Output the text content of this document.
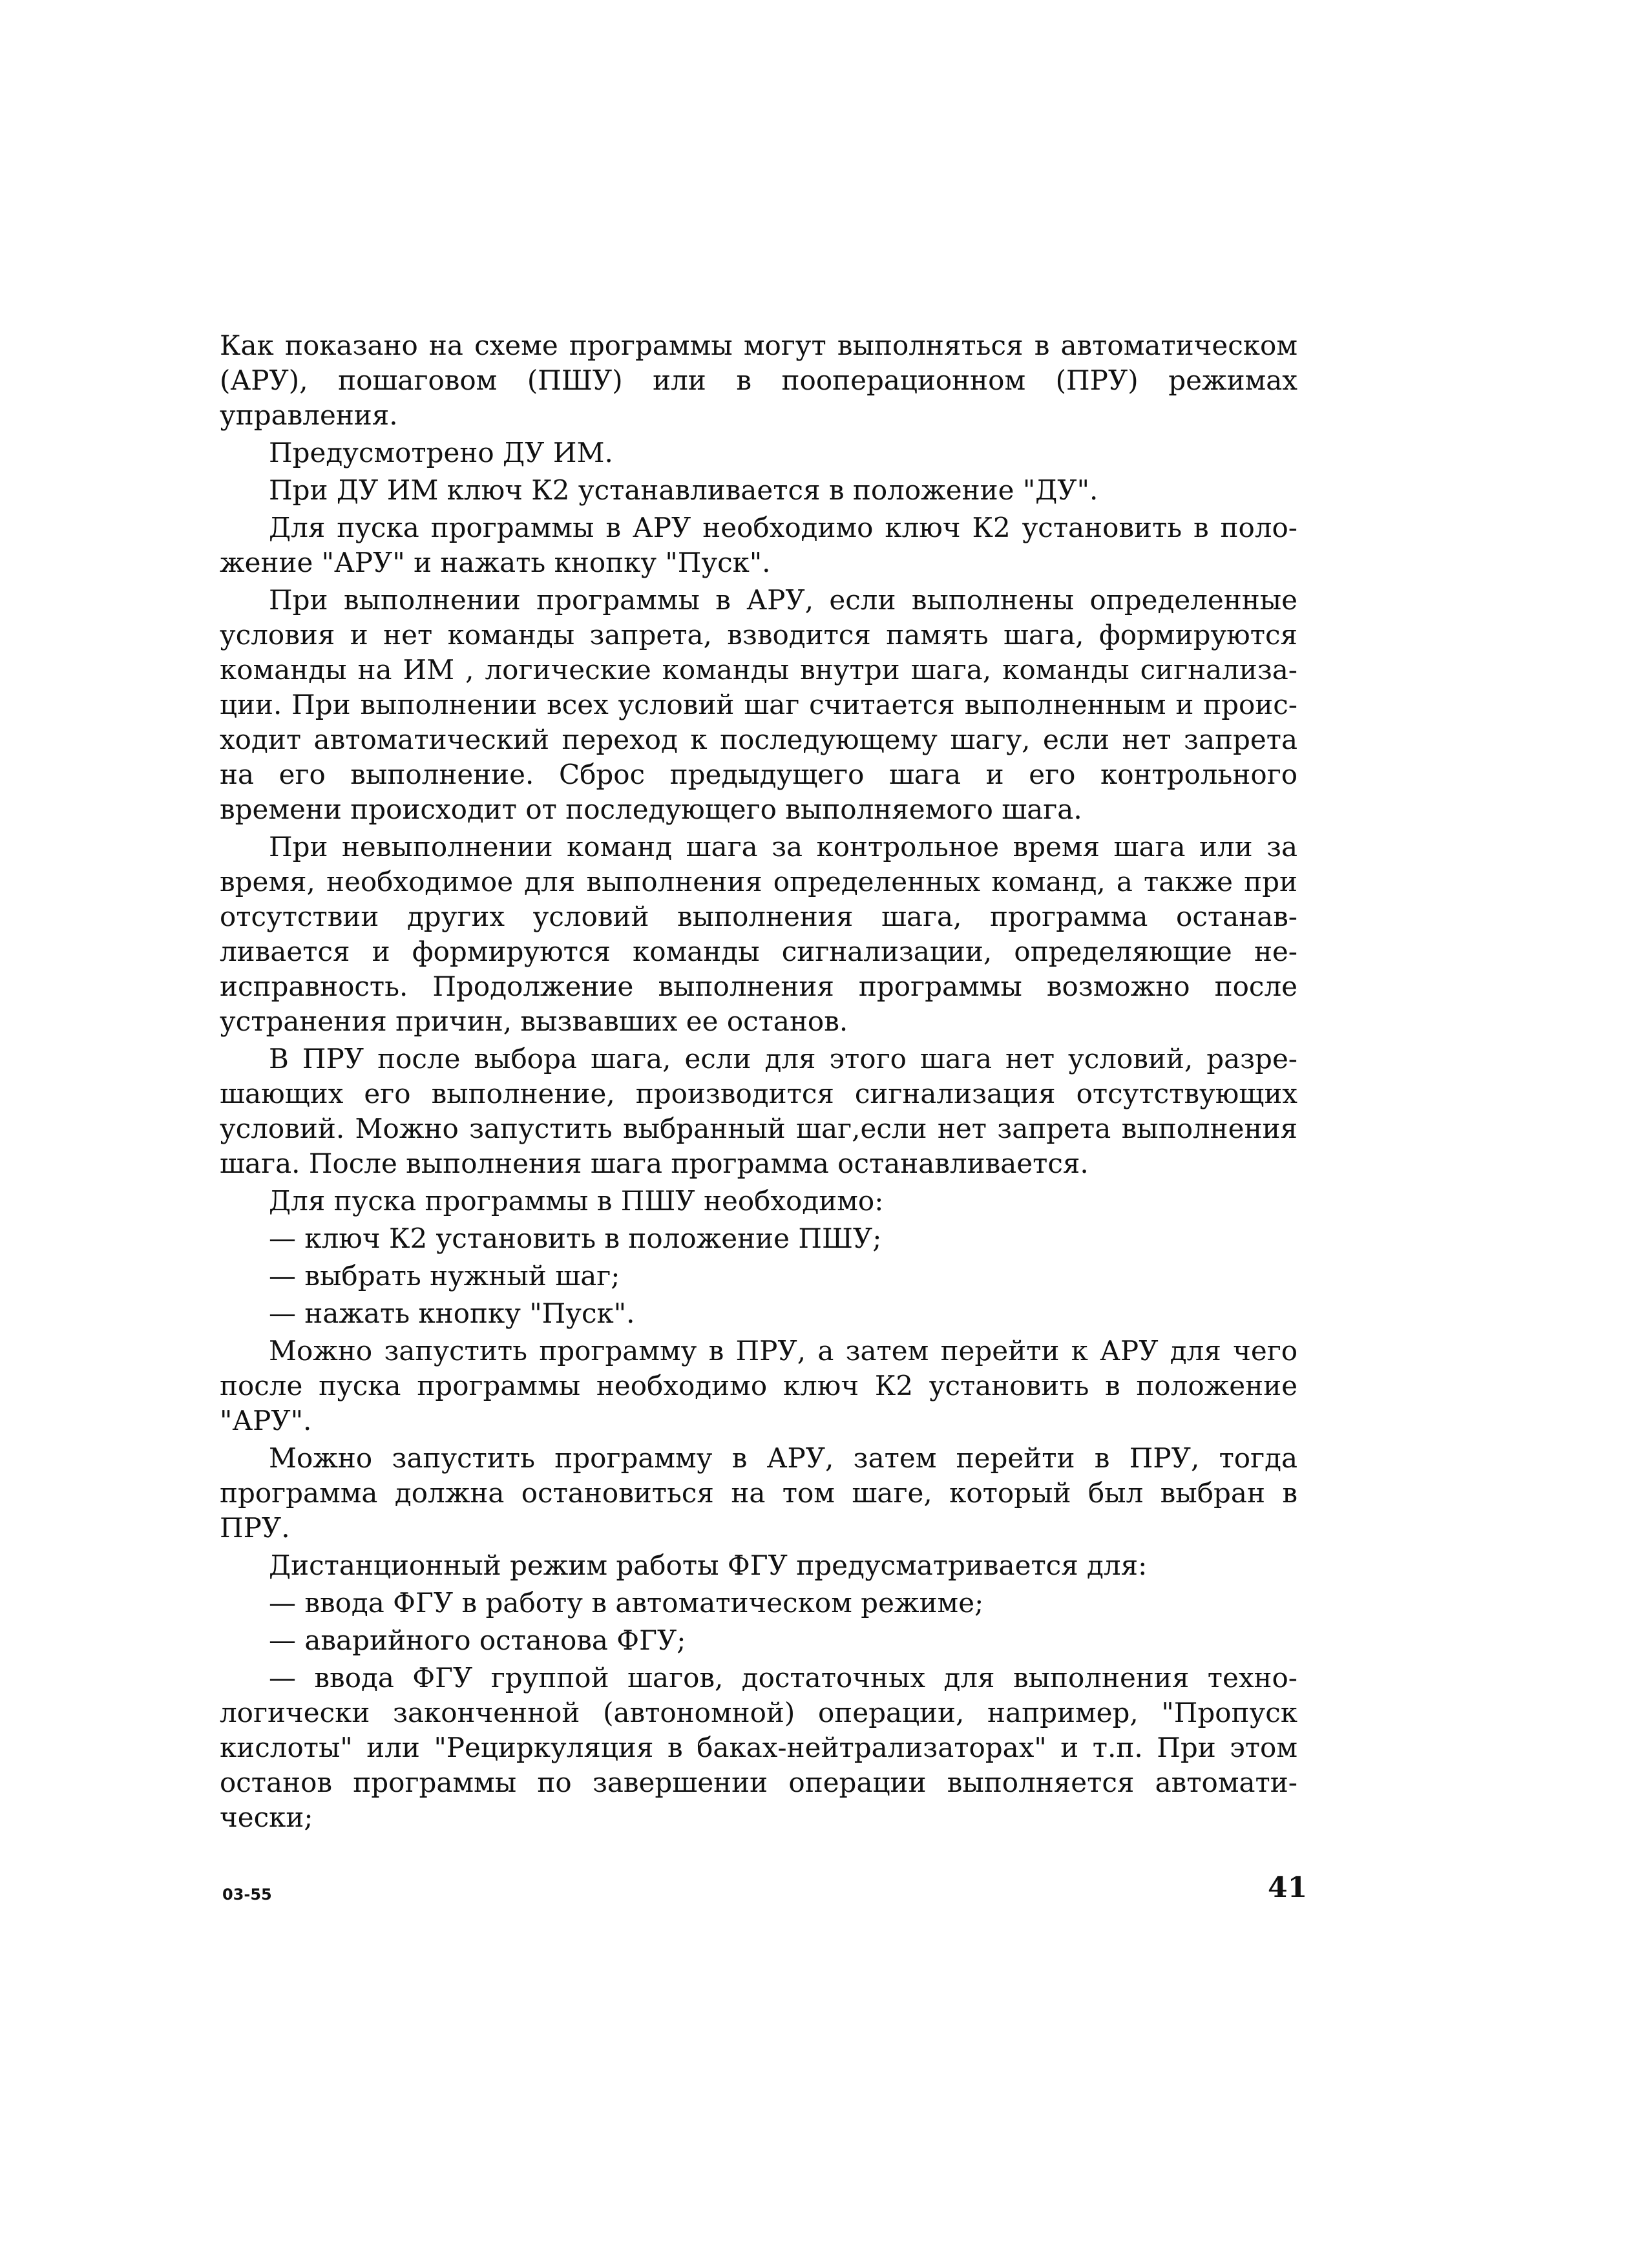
Как показано на схеме программы могут выполняться в автоматическом (АРУ), пошаговом (ПШУ) или в пооперационном (ПРУ) режимах управления.

Предусмотрено ДУ ИМ.

При ДУ ИМ ключ К2 устанавливается в положение "ДУ".

Для пуска программы в АРУ необходимо ключ К2 установить в положение "АРУ" и нажать кнопку "Пуск".

При выполнении программы в АРУ, если выполнены определенные условия и нет команды запрета, взводится память шага, формируются команды на ИМ , логические команды внутри шага, команды сигнализации. При выполнении всех условий шаг считается выполненным и происходит автоматический переход к последующему шагу, если нет запрета на его выполнение. Сброс предыдущего шага и его контрольного времени происходит от последующего выполняемого шага.

При невыполнении команд шага за контрольное время шага или за время, необходимое для выполнения определенных команд, а также при отсутствии других условий выполнения шага, программа останавливается и формируются команды сигнализации, определяющие неисправность. Продолжение выполнения программы возможно после устранения причин, вызвавших ее останов.

В ПРУ после выбора шага, если для этого шага нет условий, разрешающих его выполнение, производится сигнализация отсутствующих условий. Можно запустить выбранный шаг,если нет запрета выполнения шага. После выполнения шага программа останавливается.

Для пуска программы в ПШУ необходимо:

— ключ К2 установить в положение ПШУ;

— выбрать нужный шаг;

— нажать кнопку "Пуск".

Можно запустить программу в ПРУ, а затем перейти к АРУ для чего после пуска программы необходимо ключ К2 установить в положение "АРУ".

Можно запустить программу в АРУ, затем перейти в ПРУ, тогда программа должна остановиться на том шаге, который был выбран в ПРУ.

Дистанционный режим работы ФГУ предусматривается для:

— ввода ФГУ в работу в автоматическом режиме;

— аварийного останова ФГУ;

— ввода ФГУ группой шагов, достаточных для выполнения технологически законченной (автономной) операции, например, "Пропуск кислоты" или "Рециркуляция в баках-нейтрализаторах" и т.п. При этом останов программы по завершении операции выполняется автоматически;

03-55	41
